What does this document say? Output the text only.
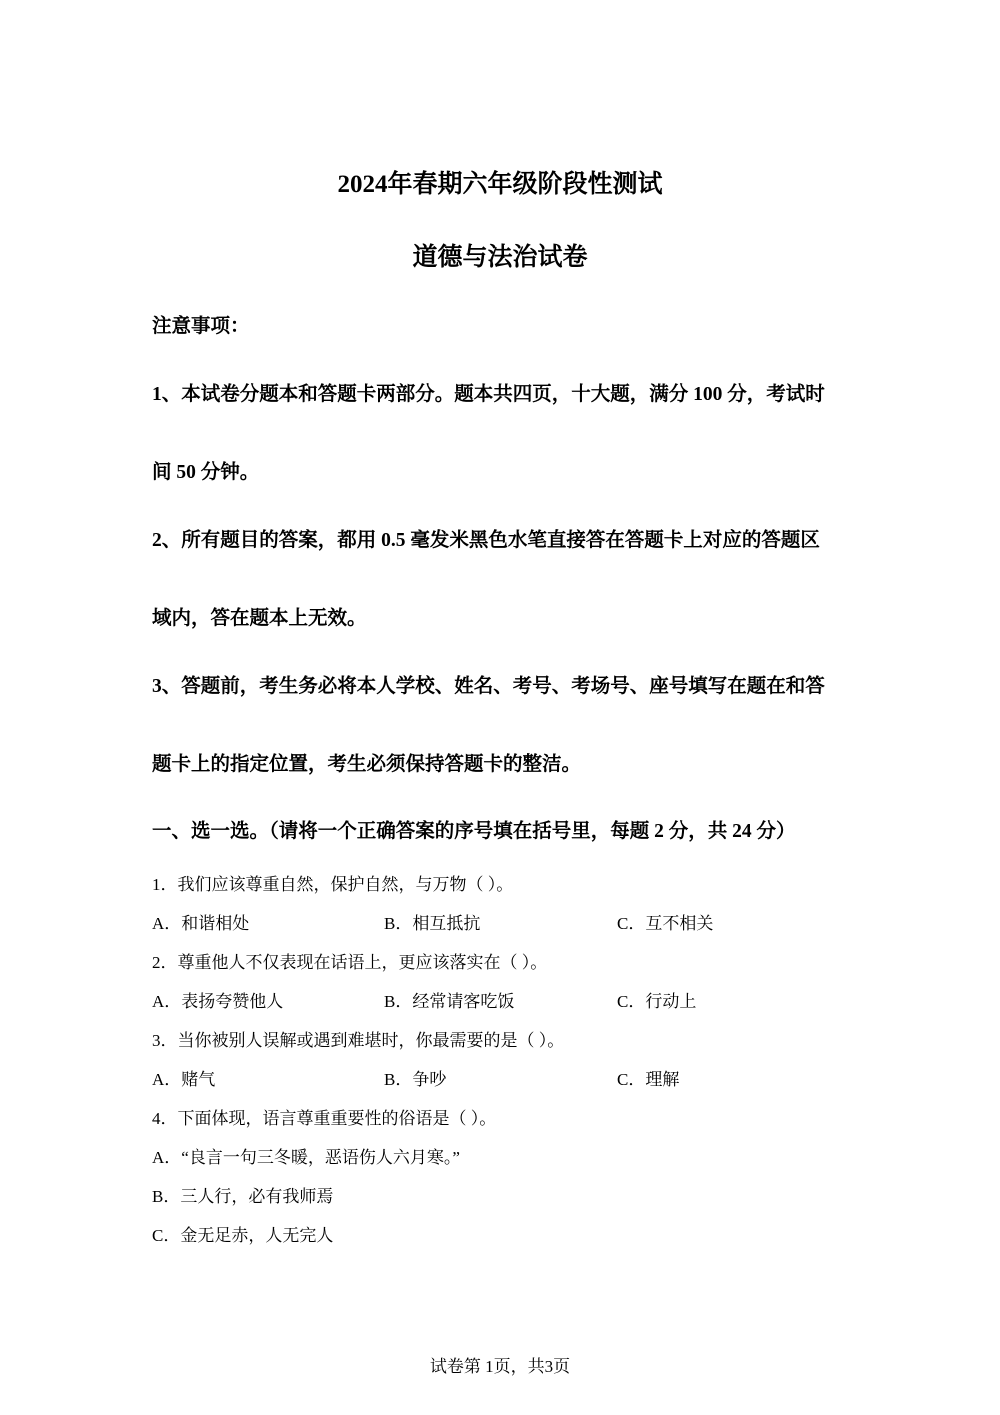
2024年春期六年级阶段性测试
道德与法治试卷
注意事项：
1、本试卷分题本和答题卡两部分。题本共四页，十大题，满分 100 分，考试时
间 50 分钟。
2、所有题目的答案，都用 0.5 毫发米黑色水笔直接答在答题卡上对应的答题区
域内，答在题本上无效。
3、答题前，考生务必将本人学校、姓名、考号、考场号、座号填写在题在和答
题卡上的指定位置，考生必须保持答题卡的整洁。
一、选一选。（请将一个正确答案的序号填在括号里，每题 2 分，共 24 分）
1．我们应该尊重自然，保护自然，与万物（ ）。
A．和谐相处	B．相互抵抗	C．互不相关
2．尊重他人不仅表现在话语上，更应该落实在（ ）。
A．表扬夸赞他人	B．经常请客吃饭	C．行动上
3．当你被别人误解或遇到难堪时，你最需要的是（ ）。
A．赌气	B．争吵	C．理解
4．下面体现，语言尊重重要性的俗语是（ ）。
A．“良言一句三冬暖，恶语伤人六月寒。”
B．三人行，必有我师焉
C．金无足赤，人无完人
试卷第 1页，共3页
